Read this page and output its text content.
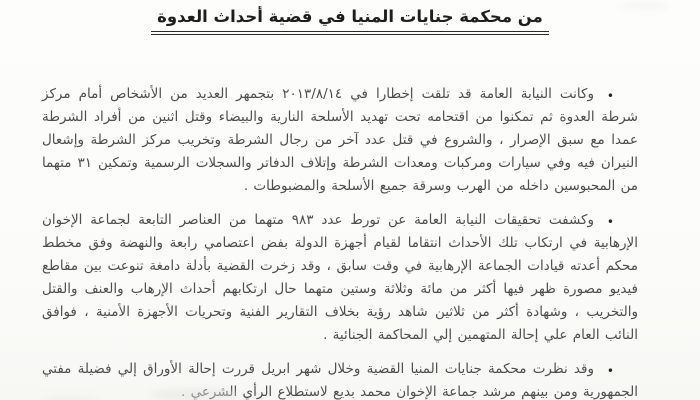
من محكمة جنايات المنيا في قضية أحداث العدوة
•

وكانت النيابة العامة قد تلقت إخطارا في ٢٠١٣/٨/١٤ بتجمهر العديد من الأشخاص أمام مركز شرطة العدوة ثم تمكنوا من اقتحامه تحت تهديد الأسلحة النارية والبيضاء وقتل اثنين من أفراد الشرطة عمدا مع سبق الإصرار ، والشروع في قتل عدد آخر من رجال الشرطة وتخريب مركز الشرطة وإشعال النيران فيه وفي سيارات ومركبات ومعدات الشرطة وإتلاف الدفاتر والسجلات الرسمية وتمكين ٣١ متهما من المحبوسين داخله من الهرب وسرقة جميع الأسلحة والمضبوطات .

•

وكشفت تحقيقات النيابة العامة عن تورط عدد ٩٨٣ متهما من العناصر التابعة لجماعة الإخوان الإرهابية في ارتكاب تلك الأحداث انتقاما لقيام أجهزة الدولة بفض اعتصامي رابعة والنهضة وفق مخطط محكم أعدته قيادات الجماعة الإرهابية في وقت سابق ، وقد زخرت القضية بأدلة دامغة تنوعت بين مقاطع فيديو مصورة ظهر فيها أكثر من مائة وثلاثة وستين متهما حال ارتكابهم أحداث الإرهاب والعنف والقتل والتخريب ، وشهادة أكثر من ثلاثين شاهد رؤية بخلاف التقارير الفنية وتحريات الأجهزة الأمنية ، فوافق النائب العام علي إحالة المتهمين إلي المحاكمة الجنائية .

•

وقد نظرت محكمة جنايات المنيا القضية وخلال شهر ابريل قررت إحالة الأوراق إلي فضيلة مفتي الجمهورية ومن بينهم مرشد جماعة الإخوان محمد بديع لاستطلاع الرأي الشرعي .
